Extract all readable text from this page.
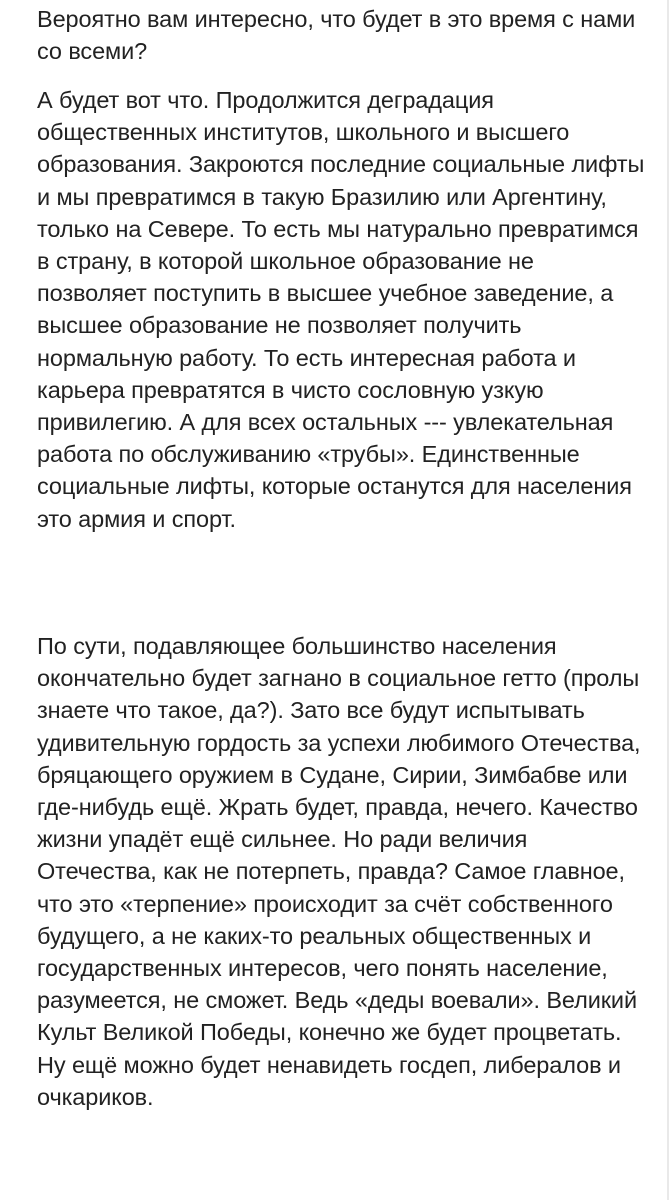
Вероятно вам интересно, что будет в это время с нами со всеми?

А будет вот что. Продолжится деградация общественных институтов, школьного и высшего образования. Закроются последние социальные лифты и мы превратимся в такую Бразилию или Аргентину, только на Севере. То есть мы натурально превратимся в страну, в которой школьное образование не позволяет поступить в высшее учебное заведение, а высшее образование не позволяет получить нормальную работу. То есть интересная работа и карьера превратятся в чисто сословную узкую привилегию. А для всех остальных --- увлекательная работа по обслуживанию «трубы». Единственные социальные лифты, которые останутся для населения это армия и спорт.

По сути, подавляющее большинство населения окончательно будет загнано в социальное гетто (пролы знаете что такое, да?). Зато все будут испытывать удивительную гордость за успехи любимого Отечества, бряцающего оружием в Судане, Сирии, Зимбабве или где-нибудь ещё. Жрать будет, правда, нечего. Качество жизни упадёт ещё сильнее. Но ради величия Отечества, как не потерпеть, правда? Самое главное, что это «терпение» происходит за счёт собственного будущего, а не каких-то реальных общественных и государственных интересов, чего понять население, разумеется, не сможет. Ведь «деды воевали». Великий Культ Великой Победы, конечно же будет процветать. Ну ещё можно будет ненавидеть госдеп, либералов и очкариков.
